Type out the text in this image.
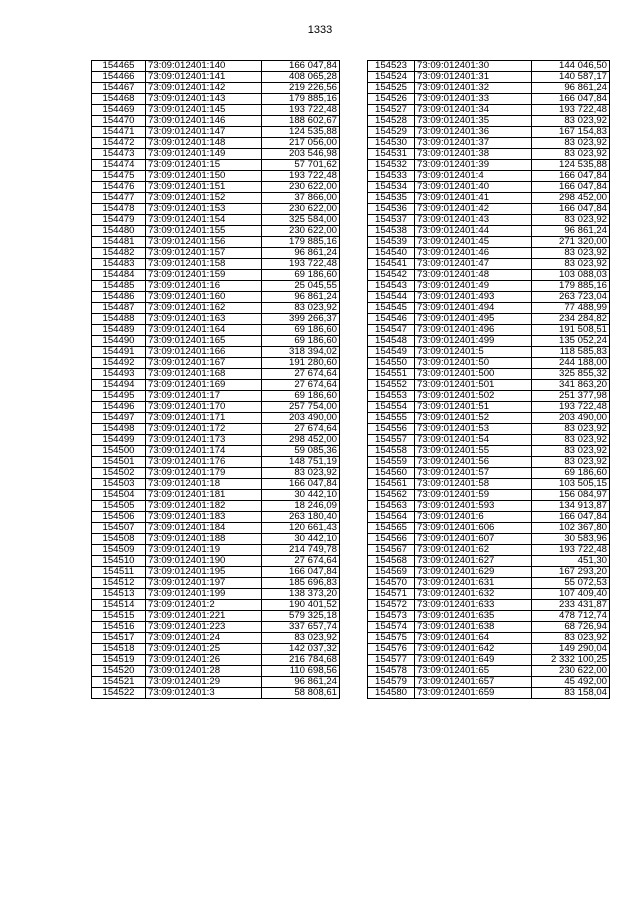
1333
154465	73:09:012401:140	166 047,84
154466	73:09:012401:141	408 065,28
154467	73:09:012401:142	219 226,56
154468	73:09:012401:143	179 885,16
154469	73:09:012401:145	193 722,48
154470	73:09:012401:146	188 602,67
154471	73:09:012401:147	124 535,88
154472	73:09:012401:148	217 056,00
154473	73:09:012401:149	203 546,98
154474	73:09:012401:15	57 701,62
154475	73:09:012401:150	193 722,48
154476	73:09:012401:151	230 622,00
154477	73:09:012401:152	37 866,00
154478	73:09:012401:153	230 622,00
154479	73:09:012401:154	325 584,00
154480	73:09:012401:155	230 622,00
154481	73:09:012401:156	179 885,16
154482	73:09:012401:157	96 861,24
154483	73:09:012401:158	193 722,48
154484	73:09:012401:159	69 186,60
154485	73:09:012401:16	25 045,55
154486	73:09:012401:160	96 861,24
154487	73:09:012401:162	83 023,92
154488	73:09:012401:163	399 266,37
154489	73:09:012401:164	69 186,60
154490	73:09:012401:165	69 186,60
154491	73:09:012401:166	318 394,02
154492	73:09:012401:167	191 280,60
154493	73:09:012401:168	27 674,64
154494	73:09:012401:169	27 674,64
154495	73:09:012401:17	69 186,60
154496	73:09:012401:170	257 754,00
154497	73:09:012401:171	203 490,00
154498	73:09:012401:172	27 674,64
154499	73:09:012401:173	298 452,00
154500	73:09:012401:174	59 085,36
154501	73:09:012401:176	148 751,19
154502	73:09:012401:179	83 023,92
154503	73:09:012401:18	166 047,84
154504	73:09:012401:181	30 442,10
154505	73:09:012401:182	18 246,09
154506	73:09:012401:183	263 180,40
154507	73:09:012401:184	120 661,43
154508	73:09:012401:188	30 442,10
154509	73:09:012401:19	214 749,78
154510	73:09:012401:190	27 674,64
154511	73:09:012401:195	166 047,84
154512	73:09:012401:197	185 696,83
154513	73:09:012401:199	138 373,20
154514	73:09:012401:2	190 401,52
154515	73:09:012401:221	579 325,18
154516	73:09:012401:223	337 657,74
154517	73:09:012401:24	83 023,92
154518	73:09:012401:25	142 037,32
154519	73:09:012401:26	216 784,68
154520	73:09:012401:28	110 698,56
154521	73:09:012401:29	96 861,24
154522	73:09:012401:3	58 808,61
154523	73:09:012401:30	144 046,50
154524	73:09:012401:31	140 587,17
154525	73:09:012401:32	96 861,24
154526	73:09:012401:33	166 047,84
154527	73:09:012401:34	193 722,48
154528	73:09:012401:35	83 023,92
154529	73:09:012401:36	167 154,83
154530	73:09:012401:37	83 023,92
154531	73:09:012401:38	83 023,92
154532	73:09:012401:39	124 535,88
154533	73:09:012401:4	166 047,84
154534	73:09:012401:40	166 047,84
154535	73:09:012401:41	298 452,00
154536	73:09:012401:42	166 047,84
154537	73:09:012401:43	83 023,92
154538	73:09:012401:44	96 861,24
154539	73:09:012401:45	271 320,00
154540	73:09:012401:46	83 023,92
154541	73:09:012401:47	83 023,92
154542	73:09:012401:48	103 088,03
154543	73:09:012401:49	179 885,16
154544	73:09:012401:493	263 723,04
154545	73:09:012401:494	77 488,99
154546	73:09:012401:495	234 284,82
154547	73:09:012401:496	191 508,51
154548	73:09:012401:499	135 052,24
154549	73:09:012401:5	118 585,83
154550	73:09:012401:50	244 188,00
154551	73:09:012401:500	325 855,32
154552	73:09:012401:501	341 863,20
154553	73:09:012401:502	251 377,98
154554	73:09:012401:51	193 722,48
154555	73:09:012401:52	203 490,00
154556	73:09:012401:53	83 023,92
154557	73:09:012401:54	83 023,92
154558	73:09:012401:55	83 023,92
154559	73:09:012401:56	83 023,92
154560	73:09:012401:57	69 186,60
154561	73:09:012401:58	103 505,15
154562	73:09:012401:59	156 084,97
154563	73:09:012401:593	134 913,87
154564	73:09:012401:6	166 047,84
154565	73:09:012401:606	102 367,80
154566	73:09:012401:607	30 583,96
154567	73:09:012401:62	193 722,48
154568	73:09:012401:627	451,30
154569	73:09:012401:629	167 293,20
154570	73:09:012401:631	55 072,53
154571	73:09:012401:632	107 409,40
154572	73:09:012401:633	233 431,87
154573	73:09:012401:635	478 712,74
154574	73:09:012401:638	68 726,94
154575	73:09:012401:64	83 023,92
154576	73:09:012401:642	149 290,04
154577	73:09:012401:649	2 332 100,25
154578	73:09:012401:65	230 622,00
154579	73:09:012401:657	45 492,00
154580	73:09:012401:659	83 158,04
